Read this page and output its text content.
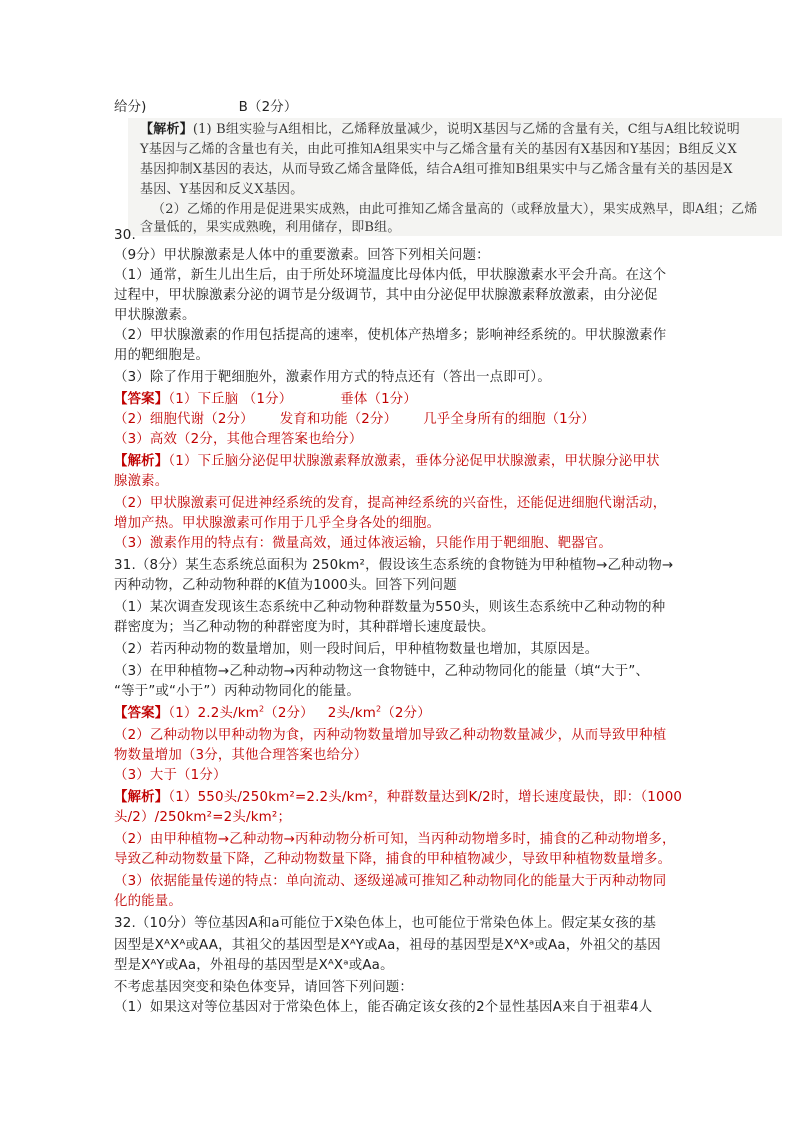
给分)	B（2分）
【解析】(1) B组实验与A组相比，乙烯释放量减少，说明X基因与乙烯的含量有关，C组与A组比较说明
Y基因与乙烯的含量也有关，由此可推知A组果实中与乙烯含量有关的基因有X基因和Y基因；B组反义X
基因抑制X基因的表达，从而导致乙烯含量降低，结合A组可推知B组果实中与乙烯含量有关的基因是X
基因、Y基因和反义X基因。
（2）乙烯的作用是促进果实成熟，由此可推知乙烯含量高的（或释放量大），果实成熟早，即A组；乙烯
含量低的，果实成熟晚，利用储存，即B组。
30.
（9分）甲状腺激素是人体中的重要激素。回答下列相关问题：
（1）通常，新生儿出生后，由于所处环境温度比母体内低，甲状腺激素水平会升高。在这个
过程中，甲状腺激素分泌的调节是分级调节，其中由分泌促甲状腺激素释放激素，由分泌促
甲状腺激素。
（2）甲状腺激素的作用包括提高的速率，使机体产热增多；影响神经系统的。甲状腺激素作
用的靶细胞是。
（3）除了作用于靶细胞外，激素作用方式的特点还有（答出一点即可）。
【答案】（1）下丘脑 （1分）	垂体（1分）
（2）细胞代谢（2分） 发育和功能（2分） 几乎全身所有的细胞（1分）
（3）高效（2分，其他合理答案也给分）
【解析】（1）下丘脑分泌促甲状腺激素释放激素，垂体分泌促甲状腺激素，甲状腺分泌甲状
腺激素。
（2）甲状腺激素可促进神经系统的发育，提高神经系统的兴奋性，还能促进细胞代谢活动，
增加产热。甲状腺激素可作用于几乎全身各处的细胞。
（3）激素作用的特点有：微量高效，通过体液运输，只能作用于靶细胞、靶器官。
31.（8分）某生态系统总面积为 250km²，假设该生态系统的食物链为甲种植物→乙种动物→
丙种动物，乙种动物种群的K值为1000头。回答下列问题
（1）某次调查发现该生态系统中乙种动物种群数量为550头，则该生态系统中乙种动物的种
群密度为；当乙种动物的种群密度为时，其种群增长速度最快。
（2）若丙种动物的数量增加，则一段时间后，甲种植物数量也增加，其原因是。
（3）在甲种植物→乙种动物→丙种动物这一食物链中，乙种动物同化的能量（填“大于”、
“等于”或“小于”）丙种动物同化的能量。
【答案】（1）2.2头$/km^2(2$分） 2头$/km^2(2$分）
（2）乙种动物以甲种动物为食，丙种动物数量增加导致乙种动物数量减少，从而导致甲种植
物数量增加（3分，其他合理答案也给分）
（3）大于（1分）
【解析】（1）550头/250km²=2.2头/km²，种群数量达到K/2时，增长速度最快，即：（1000
头/2）/250km²=2头/km²；
（2）由甲种植物→乙种动物→丙种动物分析可知，当丙种动物增多时，捕食的乙种动物增多，
导致乙种动物数量下降，乙种动物数量下降，捕食的甲种植物减少，导致甲种植物数量增多。
（3）依据能量传递的特点：单向流动、逐级递减可推知乙种动物同化的能量大于丙种动物同
化的能量。
32.（10分）等位基因A和a可能位于X染色体上，也可能位于常染色体上。假定某女孩的基
因型是XᴬXᴬ或AA，其祖父的基因型是XᴬY或Aa，祖母的基因型是XᴬXᵃ或Aa，外祖父的基因
型是XᴬY或Aa，外祖母的基因型是XᴬXᵃ或Aa。
不考虑基因突变和染色体变异，请回答下列问题：
（1）如果这对等位基因对于常染色体上，能否确定该女孩的2个显性基因A来自于祖辈4人
